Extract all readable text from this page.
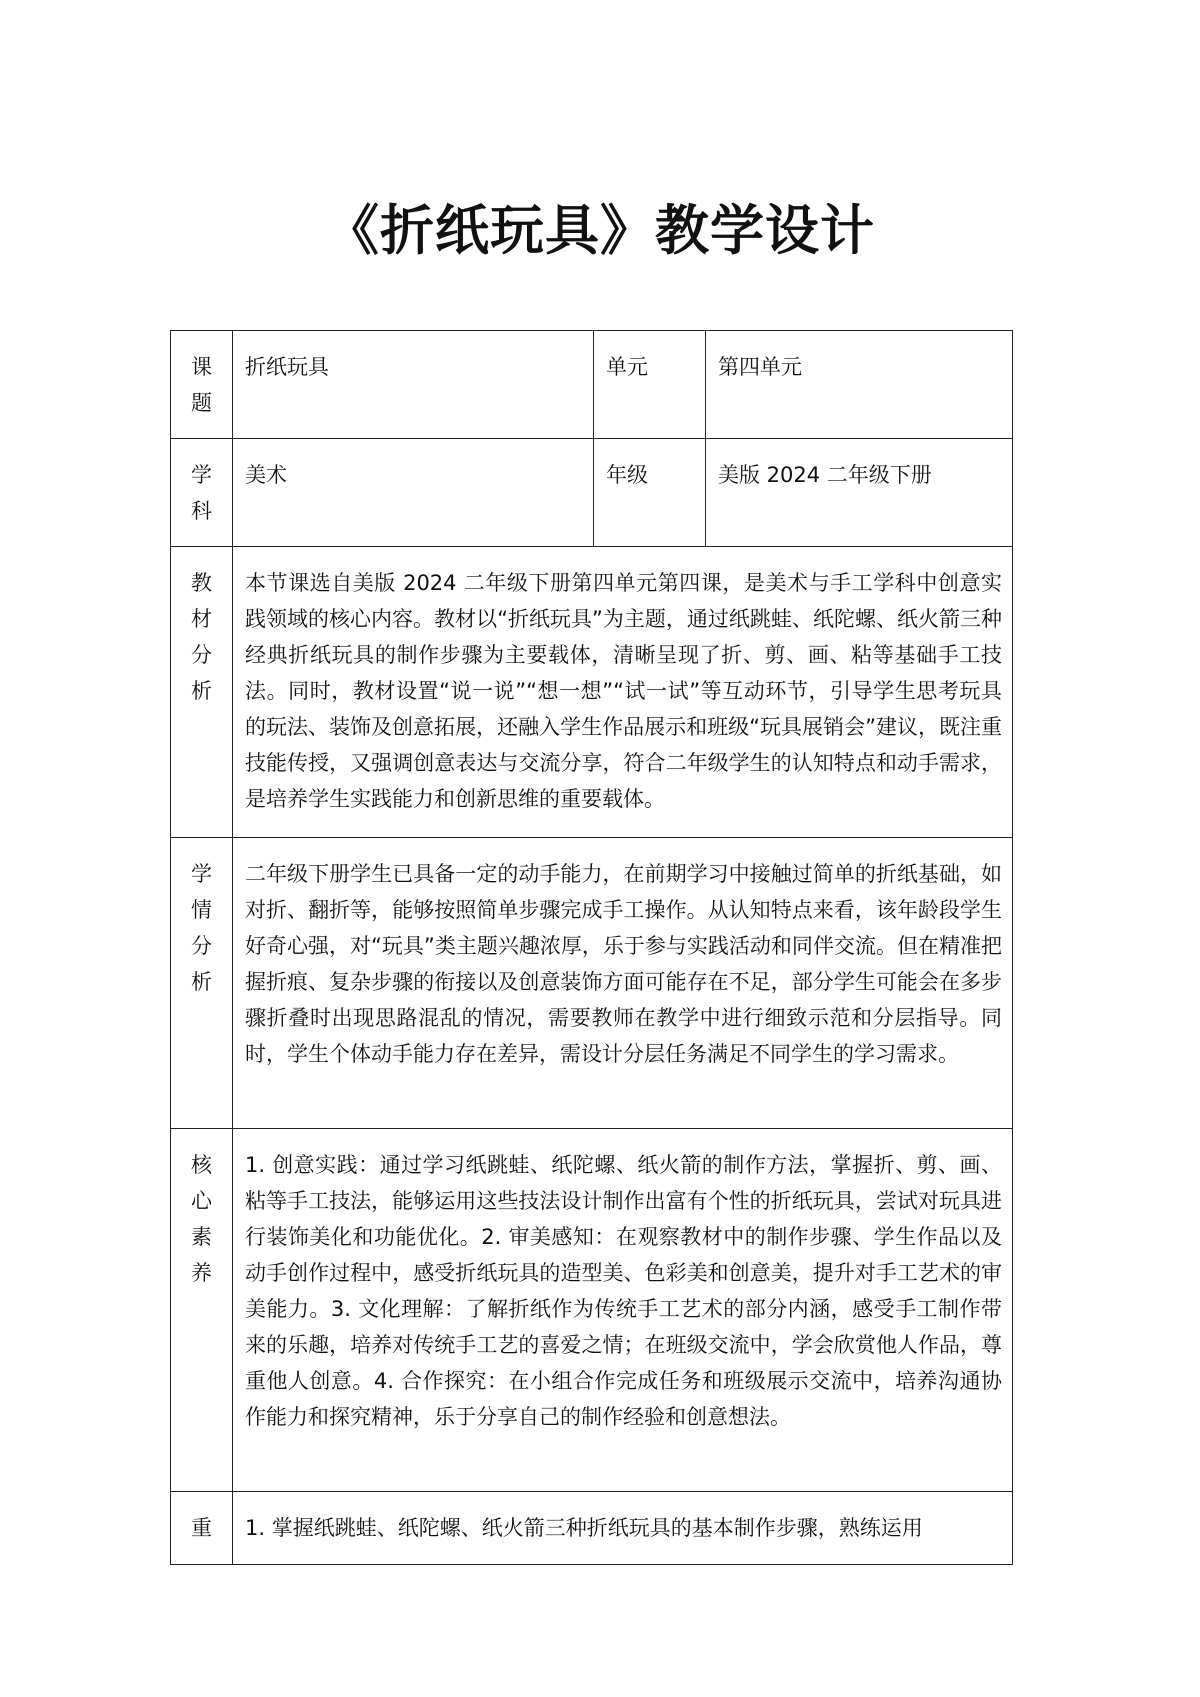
《折纸玩具》教学设计
课题	折纸玩具	单元	第四单元

学科	美术	年级	美版 2024 二年级下册

教材分析	本节课选自美版 2024 二年级下册第四单元第四课，是美术与手工学科中创意实践领域的核心内容。教材以“折纸玩具”为主题，通过纸跳蛙、纸陀螺、纸火箭三种经典折纸玩具的制作步骤为主要载体，清晰呈现了折、剪、画、粘等基础手工技法。同时，教材设置“说一说”“想一想”“试一试”等互动环节，引导学生思考玩具的玩法、装饰及创意拓展，还融入学生作品展示和班级“玩具展销会”建议，既注重技能传授，又强调创意表达与交流分享，符合二年级学生的认知特点和动手需求，是培养学生实践能力和创新思维的重要载体。		

学情分析	二年级下册学生已具备一定的动手能力，在前期学习中接触过简单的折纸基础，如对折、翻折等，能够按照简单步骤完成手工操作。从认知特点来看，该年龄段学生好奇心强，对“玩具”类主题兴趣浓厚，乐于参与实践活动和同伴交流。但在精准把握折痕、复杂步骤的衔接以及创意装饰方面可能存在不足，部分学生可能会在多步骤折叠时出现思路混乱的情况，需要教师在教学中进行细致示范和分层指导。同时，学生个体动手能力存在差异，需设计分层任务满足不同学生的学习需求。		

核心素养	1. 创意实践：通过学习纸跳蛙、纸陀螺、纸火箭的制作方法，掌握折、剪、画、粘等手工技法，能够运用这些技法设计制作出富有个性的折纸玩具，尝试对玩具进行装饰美化和功能优化。2. 审美感知：在观察教材中的制作步骤、学生作品以及动手创作过程中，感受折纸玩具的造型美、色彩美和创意美，提升对手工艺术的审美能力。3. 文化理解：了解折纸作为传统手工艺术的部分内涵，感受手工制作带来的乐趣，培养对传统手工艺的喜爱之情；在班级交流中，学会欣赏他人作品，尊重他人创意。4. 合作探究：在小组合作完成任务和班级展示交流中，培养沟通协作能力和探究精神，乐于分享自己的制作经验和创意想法。		

重	1. 掌握纸跳蛙、纸陀螺、纸火箭三种折纸玩具的基本制作步骤，熟练运用		
